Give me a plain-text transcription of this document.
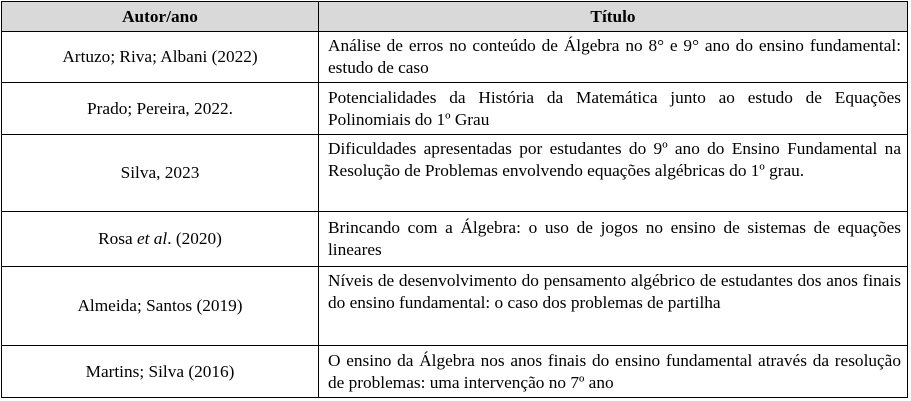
Autor/ano	Título
Artuzo; Riva; Albani (2022)	Análise de erros no conteúdo de Álgebra no 8° e 9° ano do ensino fundamental: estudo de caso
Prado; Pereira, 2022.	Potencialidades da História da Matemática junto ao estudo de Equações Polinomiais do 1º Grau
Silva, 2023	Dificuldades apresentadas por estudantes do 9º ano do Ensino Fundamental na Resolução de Problemas envolvendo equações algébricas do 1º grau.
Rosa et al. (2020)	Brincando com a Álgebra: o uso de jogos no ensino de sistemas de equações lineares
Almeida; Santos (2019)	Níveis de desenvolvimento do pensamento algébrico de estudantes dos anos finais do ensino fundamental: o caso dos problemas de partilha
Martins; Silva (2016)	O ensino da Álgebra nos anos finais do ensino fundamental através da resolução de problemas: uma intervenção no 7º ano
